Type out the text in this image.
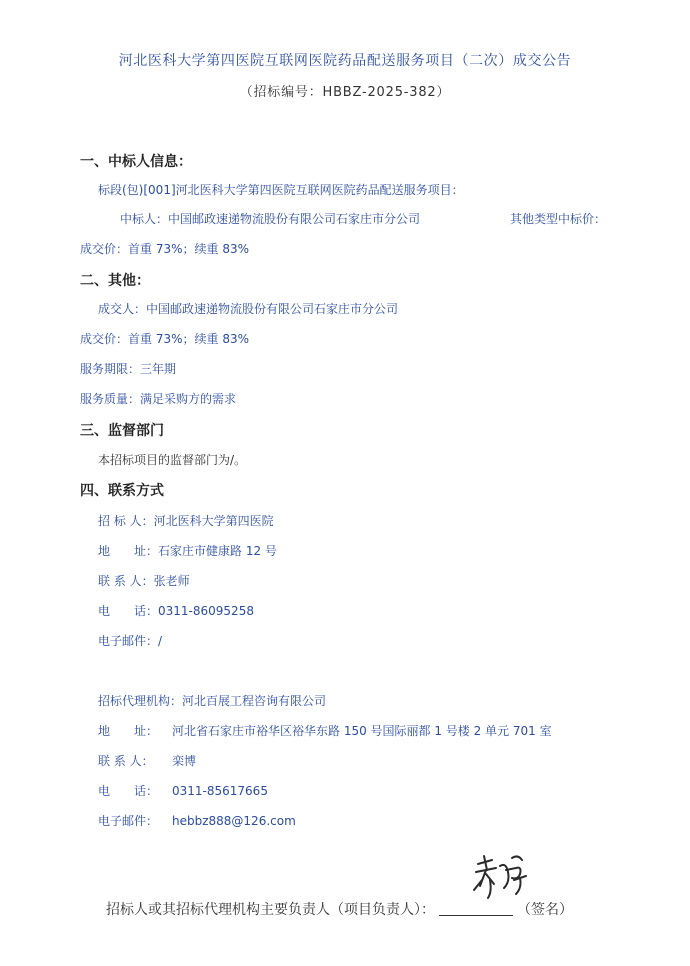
河北医科大学第四医院互联网医院药品配送服务项目（二次）成交公告
（招标编号：HBBZ-2025-382）
一、中标人信息：
标段(包)[001]河北医科大学第四医院互联网医院药品配送服务项目：
中标人：中国邮政速递物流股份有限公司石家庄市分公司	其他类型中标价：
成交价：首重 73%；续重 83%
二、其他：
成交人：中国邮政速递物流股份有限公司石家庄市分公司
成交价：首重 73%；续重 83%
服务期限：三年期
服务质量：满足采购方的需求
三、监督部门
本招标项目的监督部门为/。
四、联系方式
招 标 人：河北医科大学第四医院
地　　址：石家庄市健康路 12 号
联 系 人：张老师
电　　话：0311-86095258
电子邮件：/
招标代理机构：河北百展工程咨询有限公司
地　　址： 河北省石家庄市裕华区裕华东路 150 号国际丽都 1 号楼 2 单元 701 室
联 系 人： 栾博
电　　话： 0311-85617665
电子邮件： hebbz888@126.com
招标人或其招标代理机构主要负责人（项目负责人）：	（签名）
